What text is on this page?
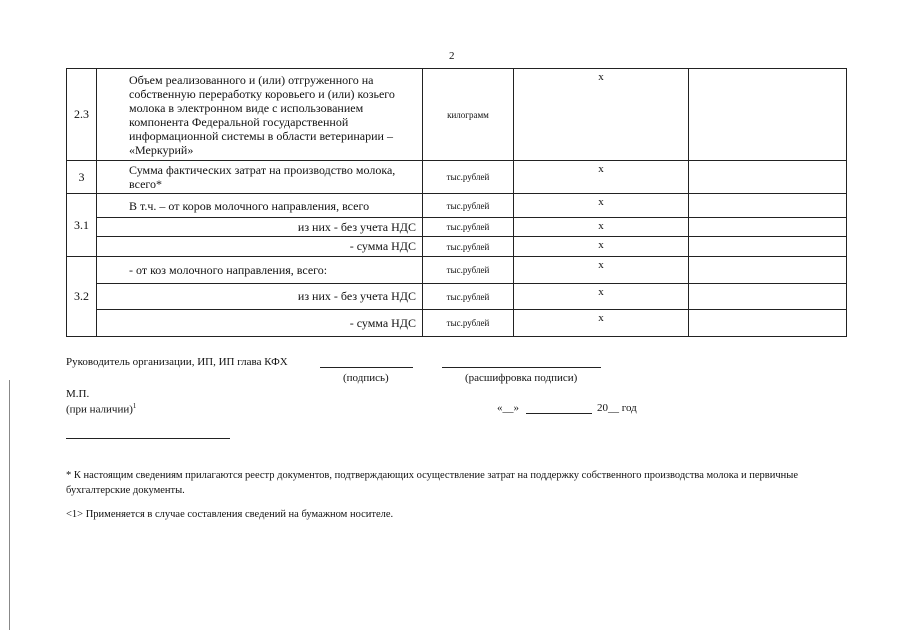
2
2.3	Объем реализованного и (или) отгруженного на собственную переработку коровьего и (или) козьего молока в электронном виде с использованием компонента Федеральной государственной информационной системы в области ветеринарии – «Меркурий»	килограмм	x	
3	Сумма фактических затрат на производство молока, всего*	тыс.рублей	x	
3.1	В т.ч. – от коров молочного направления, всего	тыс.рублей	x	
	из них - без учета НДС	тыс.рублей	x	
	- сумма НДС	тыс.рублей	x	
3.2	- от коз молочного направления, всего:	тыс.рублей	x	
	из них - без учета НДС	тыс.рублей	x	
	- сумма НДС	тыс.рублей	x	
Руководитель организации, ИП, ИП глава КФХ
(подпись)	(расшифровка подписи)
М.П.
(при наличии)$^1$	«__»	20__ год
* К настоящим сведениям прилагаются реестр документов, подтверждающих осуществление затрат на поддержку собственного производства молока и первичные бухгалтерские документы.
<1> Применяется в случае составления сведений на бумажном носителе.
